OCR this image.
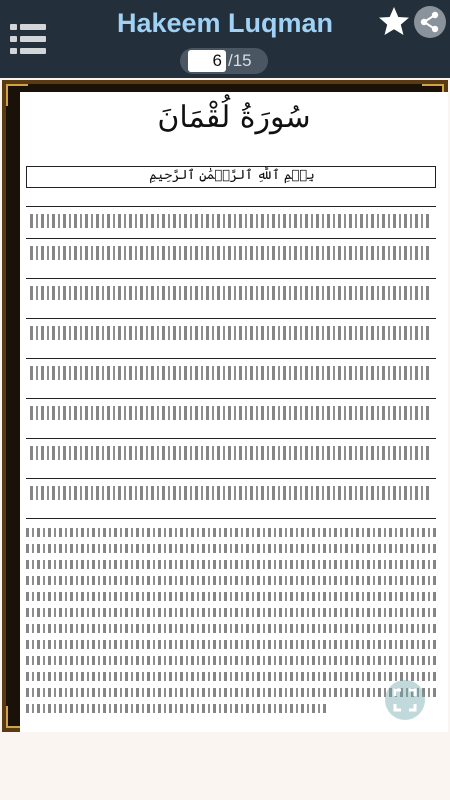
Hakeem Luqman
6
/15
سُورَةُ لُقْمَانَ
بِسۡمِ ٱللَّهِ ٱلرَّحۡمَٰنِ ٱلرَّحِيمِ
